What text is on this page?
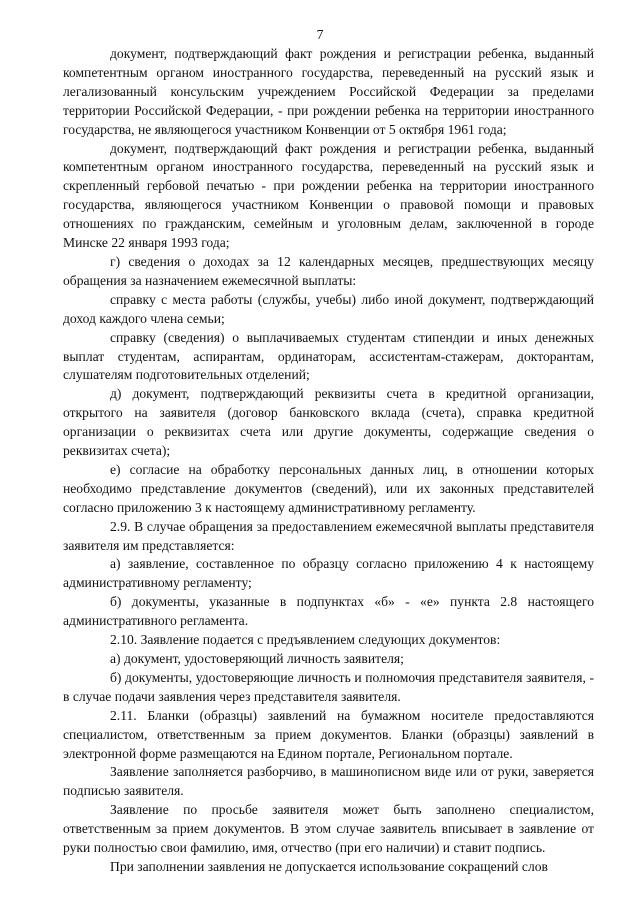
7

документ, подтверждающий факт рождения и регистрации ребенка, выданный компетентным органом иностранного государства, переведенный на русский язык и легализованный консульским учреждением Российской Федерации за пределами территории Российской Федерации, - при рождении ребенка на территории иностранного государства, не являющегося участником Конвенции от 5 октября 1961 года;

документ, подтверждающий факт рождения и регистрации ребенка, выданный компетентным органом иностранного государства, переведенный на русский язык и скрепленный гербовой печатью - при рождении ребенка на территории иностранного государства, являющегося участником Конвенции о правовой помощи и правовых отношениях по гражданским, семейным и уголовным делам, заключенной в городе Минске 22 января 1993 года;

г) сведения о доходах за 12 календарных месяцев, предшествующих месяцу обращения за назначением ежемесячной выплаты:

справку с места работы (службы, учебы) либо иной документ, подтверждающий доход каждого члена семьи;

справку (сведения) о выплачиваемых студентам стипендии и иных денежных выплат студентам, аспирантам, ординаторам, ассистентам-стажерам, докторантам, слушателям подготовительных отделений;

д) документ, подтверждающий реквизиты счета в кредитной организации, открытого на заявителя (договор банковского вклада (счета), справка кредитной организации о реквизитах счета или другие документы, содержащие сведения о реквизитах счета);

е) согласие на обработку персональных данных лиц, в отношении которых необходимо представление документов (сведений), или их законных представителей согласно приложению 3 к настоящему административному регламенту.

2.9. В случае обращения за предоставлением ежемесячной выплаты представителя заявителя им представляется:

а) заявление, составленное по образцу согласно приложению 4 к настоящему административному регламенту;

б) документы, указанные в подпунктах «б» - «е» пункта 2.8 настоящего административного регламента.

2.10. Заявление подается с предъявлением следующих документов:

а) документ, удостоверяющий личность заявителя;

б) документы, удостоверяющие личность и полномочия представителя заявителя, - в случае подачи заявления через представителя заявителя.

2.11. Бланки (образцы) заявлений на бумажном носителе предоставляются специалистом, ответственным за прием документов. Бланки (образцы) заявлений в электронной форме размещаются на Едином портале, Региональном портале.

Заявление заполняется разборчиво, в машинописном виде или от руки, заверяется подписью заявителя.

Заявление по просьбе заявителя может быть заполнено специалистом, ответственным за прием документов. В этом случае заявитель вписывает в заявление от руки полностью свои фамилию, имя, отчество (при его наличии) и ставит подпись.

При заполнении заявления не допускается использование сокращений слов
